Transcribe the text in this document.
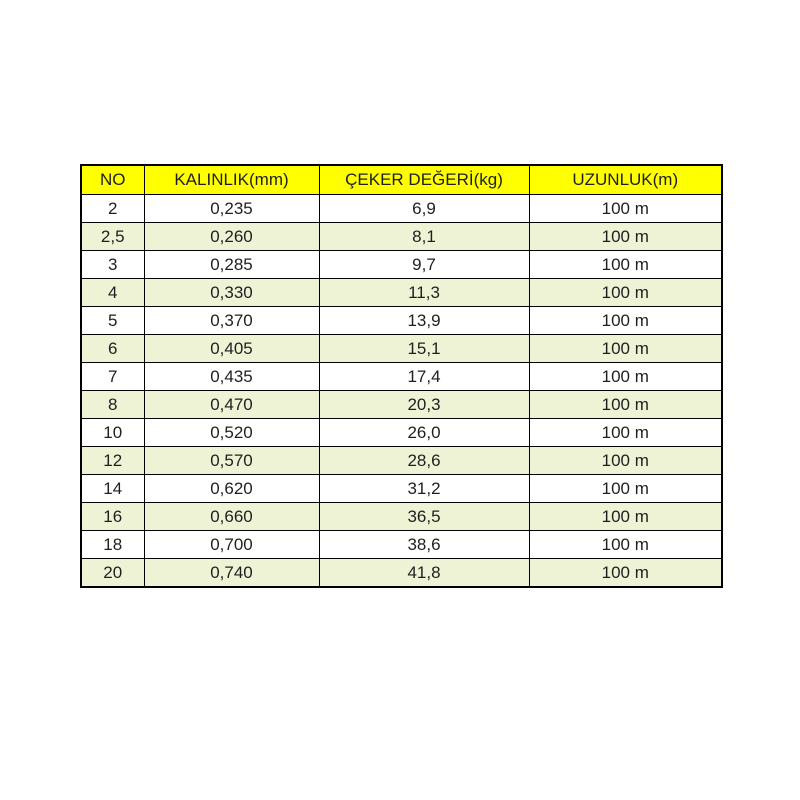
NO	KALINLIK(mm)	ÇEKER DEĞERİ(kg)	UZUNLUK(m)
2	0,235	6,9	100 m
2,5	0,260	8,1	100 m
3	0,285	9,7	100 m
4	0,330	11,3	100 m
5	0,370	13,9	100 m
6	0,405	15,1	100 m
7	0,435	17,4	100 m
8	0,470	20,3	100 m
10	0,520	26,0	100 m
12	0,570	28,6	100 m
14	0,620	31,2	100 m
16	0,660	36,5	100 m
18	0,700	38,6	100 m
20	0,740	41,8	100 m
